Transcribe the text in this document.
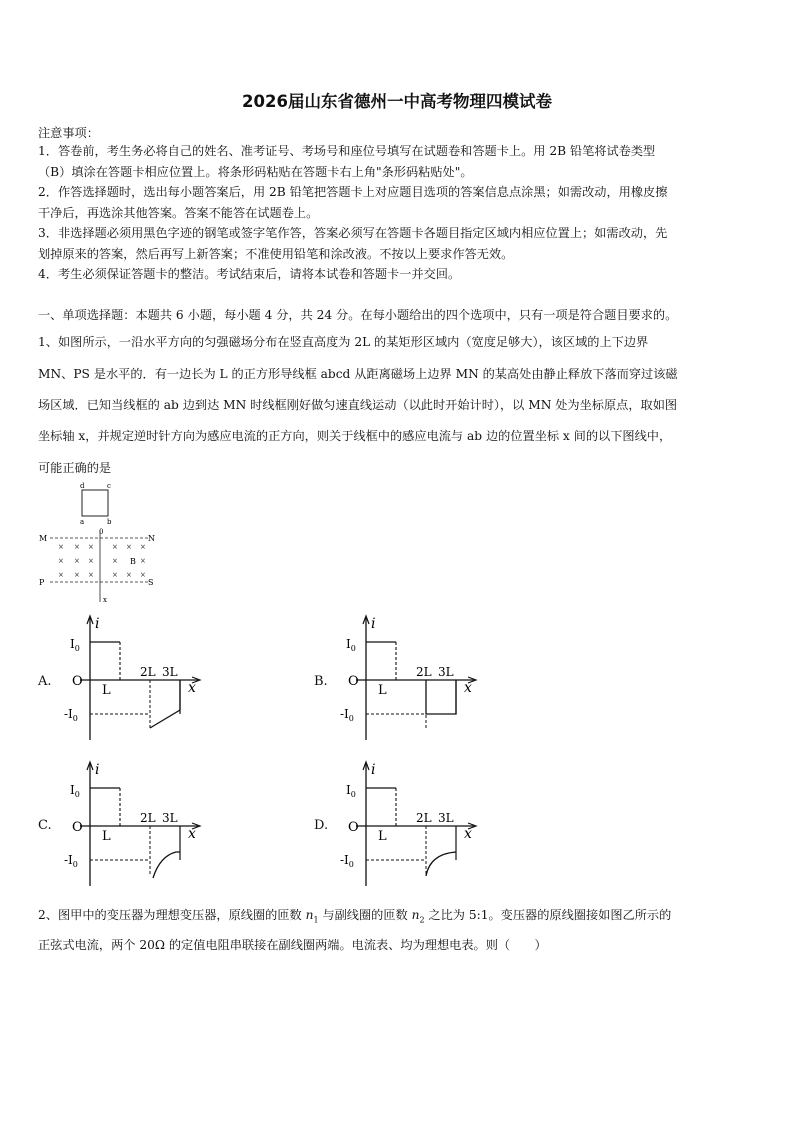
2026届山东省德州一中高考物理四模试卷
注意事项：
1．答卷前，考生务必将自己的姓名、准考证号、考场号和座位号填写在试题卷和答题卡上。用 2B 铅笔将试卷类型
（B）填涂在答题卡相应位置上。将条形码粘贴在答题卡右上角"条形码粘贴处"。
2．作答选择题时，选出每小题答案后，用 2B 铅笔把答题卡上对应题目选项的答案信息点涂黑；如需改动，用橡皮擦
干净后，再选涂其他答案。答案不能答在试题卷上。
3．非选择题必须用黑色字迹的钢笔或签字笔作答，答案必须写在答题卡各题目指定区域内相应位置上；如需改动，先
划掉原来的答案，然后再写上新答案；不准使用铅笔和涂改液。不按以上要求作答无效。
4．考生必须保证答题卡的整洁。考试结束后，请将本试卷和答题卡一并交回。
一、单项选择题：本题共 6 小题，每小题 4 分，共 24 分。在每小题给出的四个选项中，只有一项是符合题目要求的。
1、如图所示，一沿水平方向的匀强磁场分布在竖直高度为 2L 的某矩形区域内（宽度足够大），该区域的上下边界
MN、PS 是水平的．有一边长为 L 的正方形导线框 abcd 从距离磁场上边界 MN 的某高处由静止释放下落而穿过该磁
场区域．已知当线框的 ab 边到达 MN 时线框刚好做匀速直线运动（以此时开始计时），以 MN 处为坐标原点，取如图
坐标轴 x，并规定逆时针方向为感应电流的正方向，则关于线框中的感应电流与 ab 边的位置坐标 x 间的以下图线中，
可能正确的是
d	c
a	b
0
M	N
P	S
B
x
× × ×	× × ×
× × ×	×	×
× × ×	× × ×
A.	B.
C.	D.
i
x
O
$I_0$
$-I_0$
L
2L 3L
i
x
O
$I_0$
$-I_0$
L
2L 3L
i
x
O
$I_0$
$-I_0$
L
2L 3L
i
x
O
$I_0$
$-I_0$
L
2L 3L
2、图甲中的变压器为理想变压器，原线圈的匝数 $n_1$ 与副线圈的匝数 $n_2$ 之比为 5:1。变压器的原线圈接如图乙所示的
正弦式电流，两个 20Ω 的定值电阻串联接在副线圈两端。电流表、均为理想电表。则（　　）
